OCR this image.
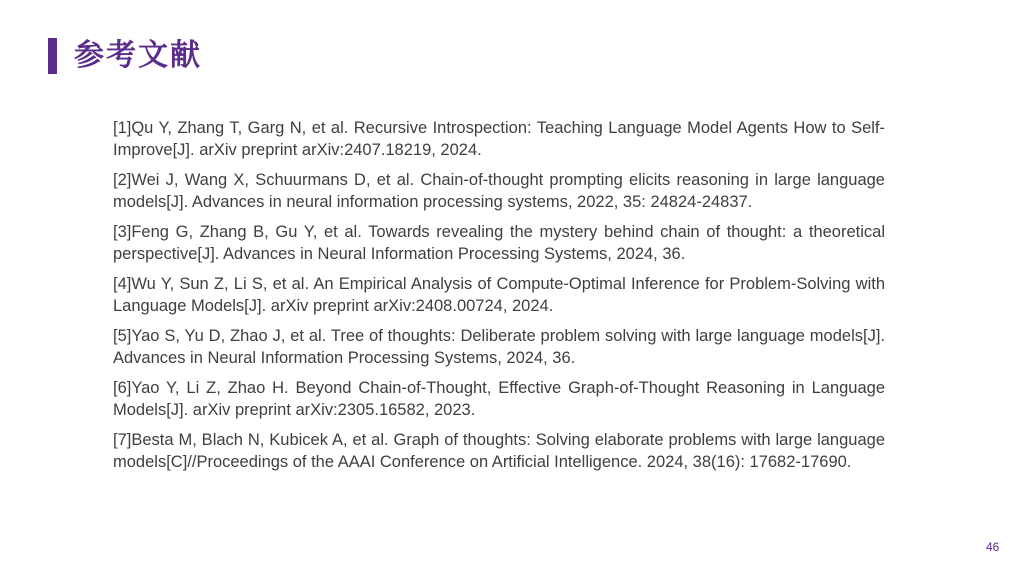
参考文献

[1]Qu Y, Zhang T, Garg N, et al. Recursive Introspection: Teaching Language Model Agents How to Self-Improve[J]. arXiv preprint arXiv:2407.18219, 2024.

[2]Wei J, Wang X, Schuurmans D, et al. Chain-of-thought prompting elicits reasoning in large language models[J]. Advances in neural information processing systems, 2022, 35: 24824-24837.

[3]Feng G, Zhang B, Gu Y, et al. Towards revealing the mystery behind chain of thought: a theoretical perspective[J]. Advances in Neural Information Processing Systems, 2024, 36.

[4]Wu Y, Sun Z, Li S, et al. An Empirical Analysis of Compute-Optimal Inference for Problem-Solving with Language Models[J]. arXiv preprint arXiv:2408.00724, 2024.

[5]Yao S, Yu D, Zhao J, et al. Tree of thoughts: Deliberate problem solving with large language models[J]. Advances in Neural Information Processing Systems, 2024, 36.

[6]Yao Y, Li Z, Zhao H. Beyond Chain-of-Thought, Effective Graph-of-Thought Reasoning in Language Models[J]. arXiv preprint arXiv:2305.16582, 2023.

[7]Besta M, Blach N, Kubicek A, et al. Graph of thoughts: Solving elaborate problems with large language models[C]//Proceedings of the AAAI Conference on Artificial Intelligence. 2024, 38(16): 17682-17690.

46
